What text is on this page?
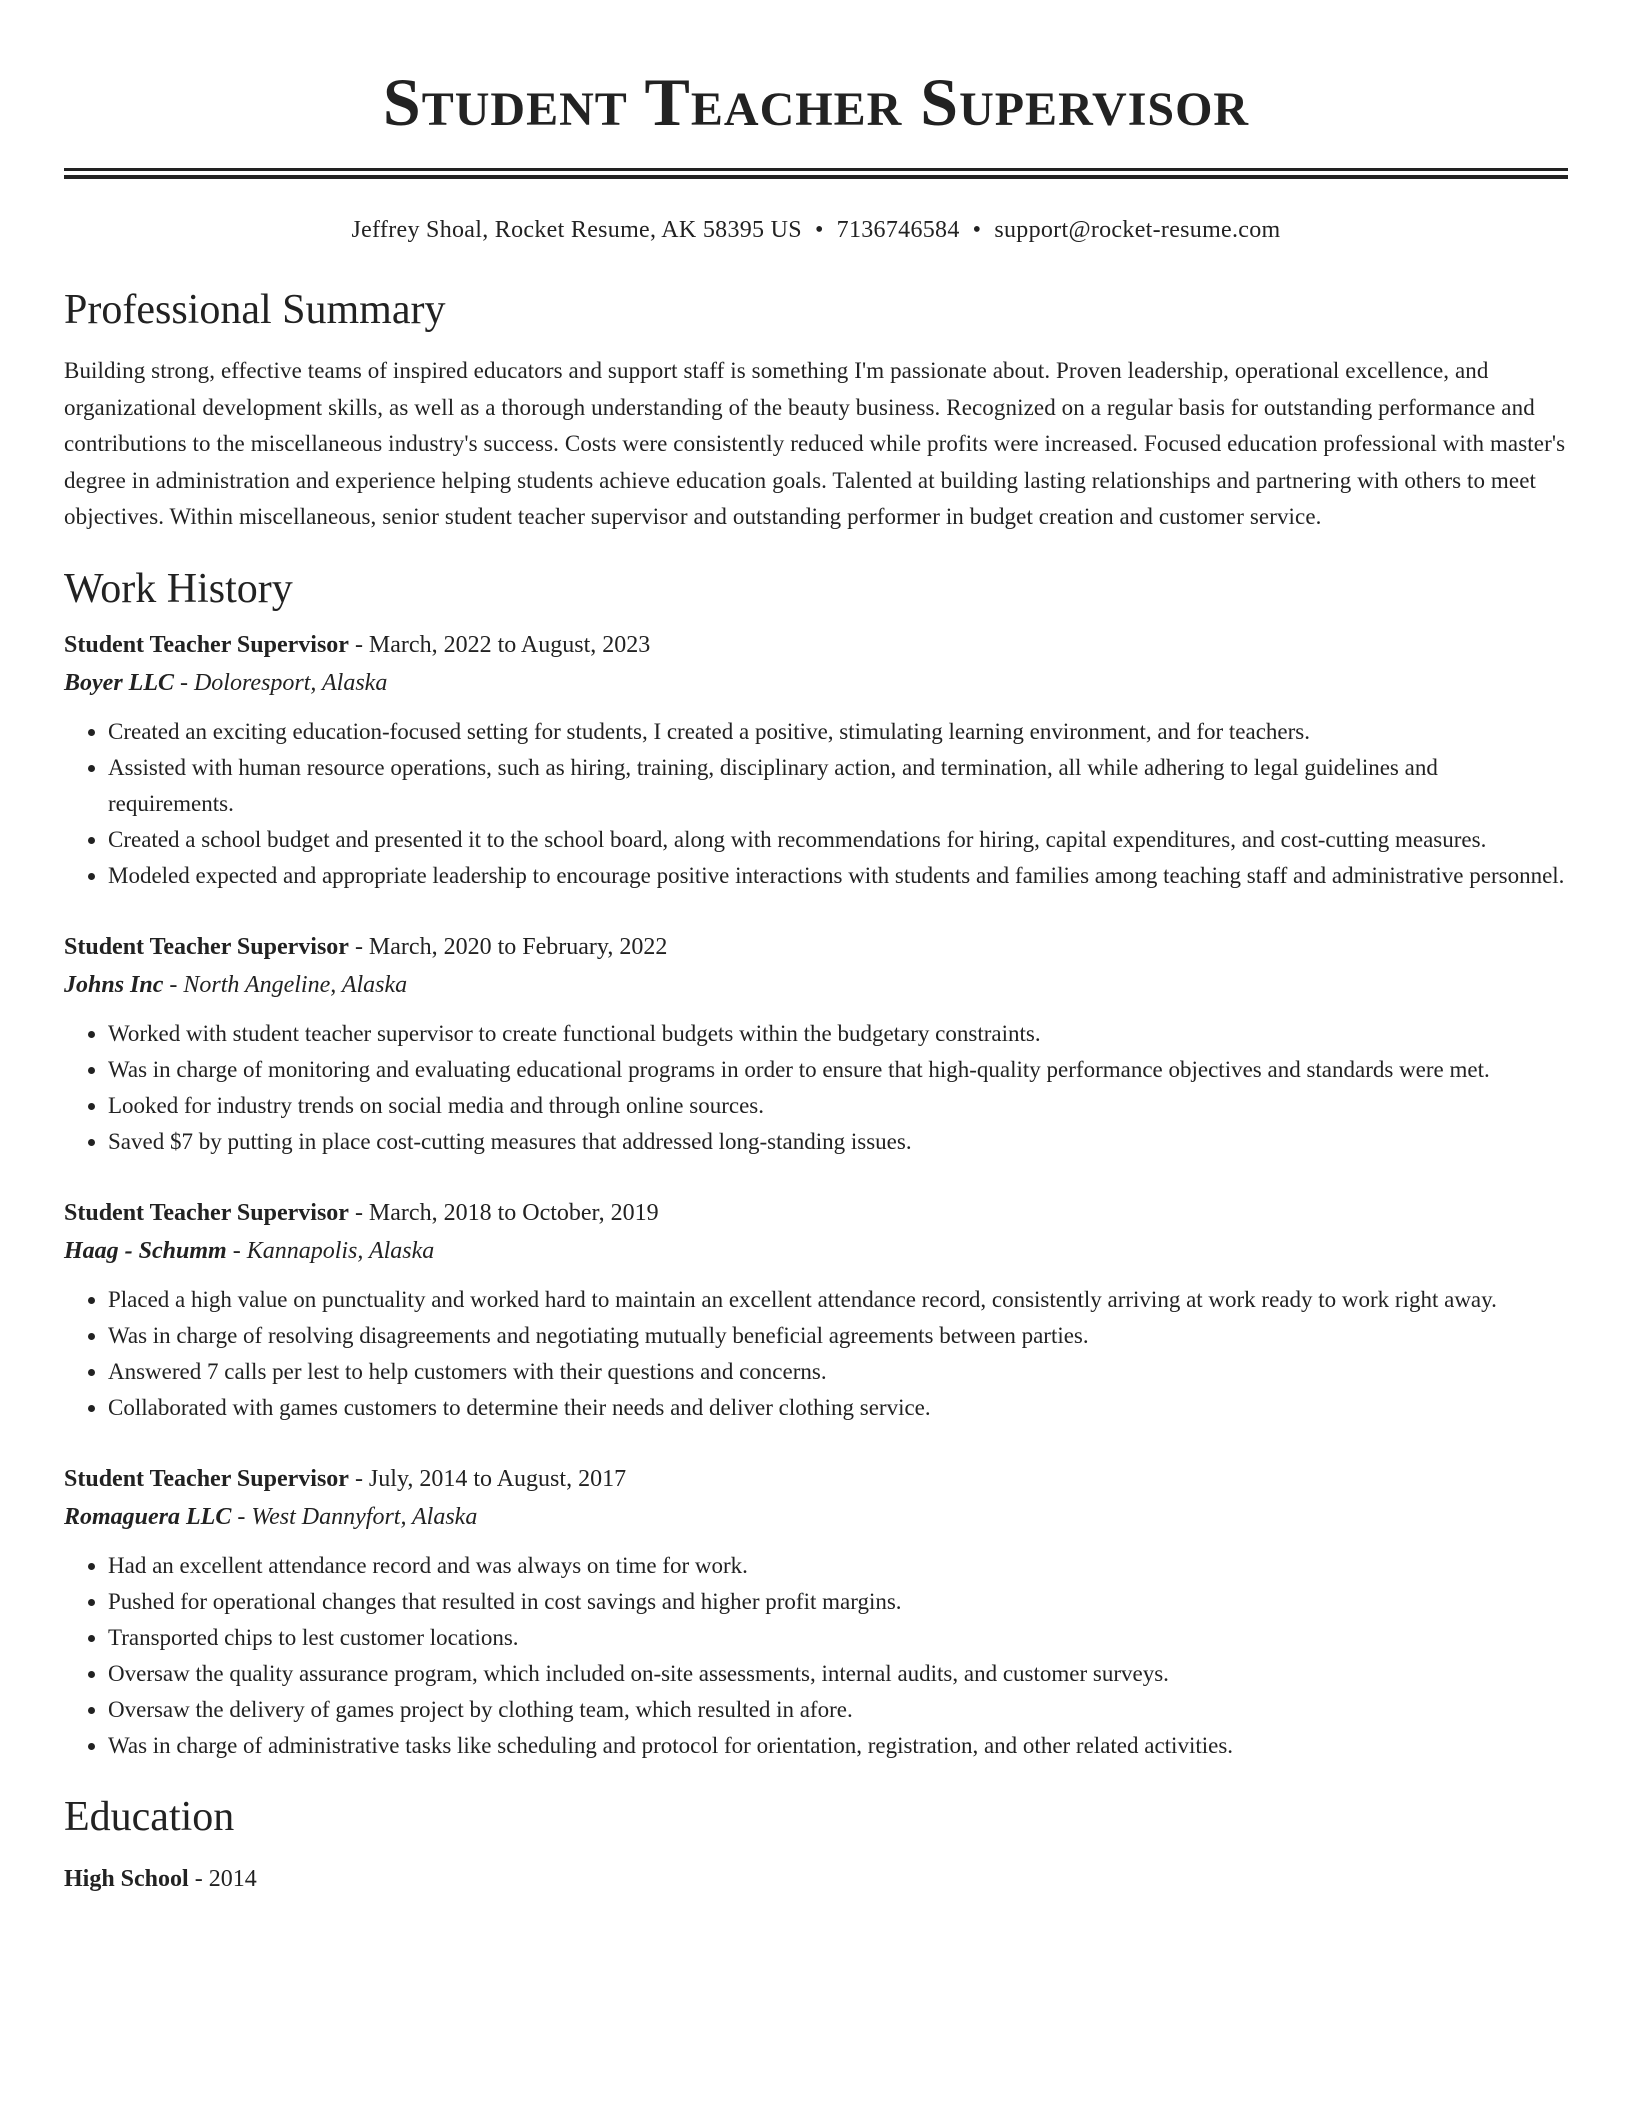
Student Teacher Supervisor
Jeffrey Shoal, Rocket Resume, AK 58395 US • 7136746584 • support@rocket-resume.com
Professional Summary
Building strong, effective teams of inspired educators and support staff is something I'm passionate about. Proven leadership, operational excellence, and organizational development skills, as well as a thorough understanding of the beauty business. Recognized on a regular basis for outstanding performance and contributions to the miscellaneous industry's success. Costs were consistently reduced while profits were increased. Focused education professional with master's degree in administration and experience helping students achieve education goals. Talented at building lasting relationships and partnering with others to meet objectives. Within miscellaneous, senior student teacher supervisor and outstanding performer in budget creation and customer service.
Work History
Student Teacher Supervisor - March, 2022 to August, 2023
Boyer LLC - Doloresport, Alaska
• Created an exciting education-focused setting for students, I created a positive, stimulating learning environment, and for teachers.
• Assisted with human resource operations, such as hiring, training, disciplinary action, and termination, all while adhering to legal guidelines and requirements.
• Created a school budget and presented it to the school board, along with recommendations for hiring, capital expenditures, and cost-cutting measures.
• Modeled expected and appropriate leadership to encourage positive interactions with students and families among teaching staff and administrative personnel.
Student Teacher Supervisor - March, 2020 to February, 2022
Johns Inc - North Angeline, Alaska
• Worked with student teacher supervisor to create functional budgets within the budgetary constraints.
• Was in charge of monitoring and evaluating educational programs in order to ensure that high-quality performance objectives and standards were met.
• Looked for industry trends on social media and through online sources.
• Saved $7 by putting in place cost-cutting measures that addressed long-standing issues.
Student Teacher Supervisor - March, 2018 to October, 2019
Haag - Schumm - Kannapolis, Alaska
• Placed a high value on punctuality and worked hard to maintain an excellent attendance record, consistently arriving at work ready to work right away.
• Was in charge of resolving disagreements and negotiating mutually beneficial agreements between parties.
• Answered 7 calls per lest to help customers with their questions and concerns.
• Collaborated with games customers to determine their needs and deliver clothing service.
Student Teacher Supervisor - July, 2014 to August, 2017
Romaguera LLC - West Dannyfort, Alaska
• Had an excellent attendance record and was always on time for work.
• Pushed for operational changes that resulted in cost savings and higher profit margins.
• Transported chips to lest customer locations.
• Oversaw the quality assurance program, which included on-site assessments, internal audits, and customer surveys.
• Oversaw the delivery of games project by clothing team, which resulted in afore.
• Was in charge of administrative tasks like scheduling and protocol for orientation, registration, and other related activities.
Education
High School - 2014
